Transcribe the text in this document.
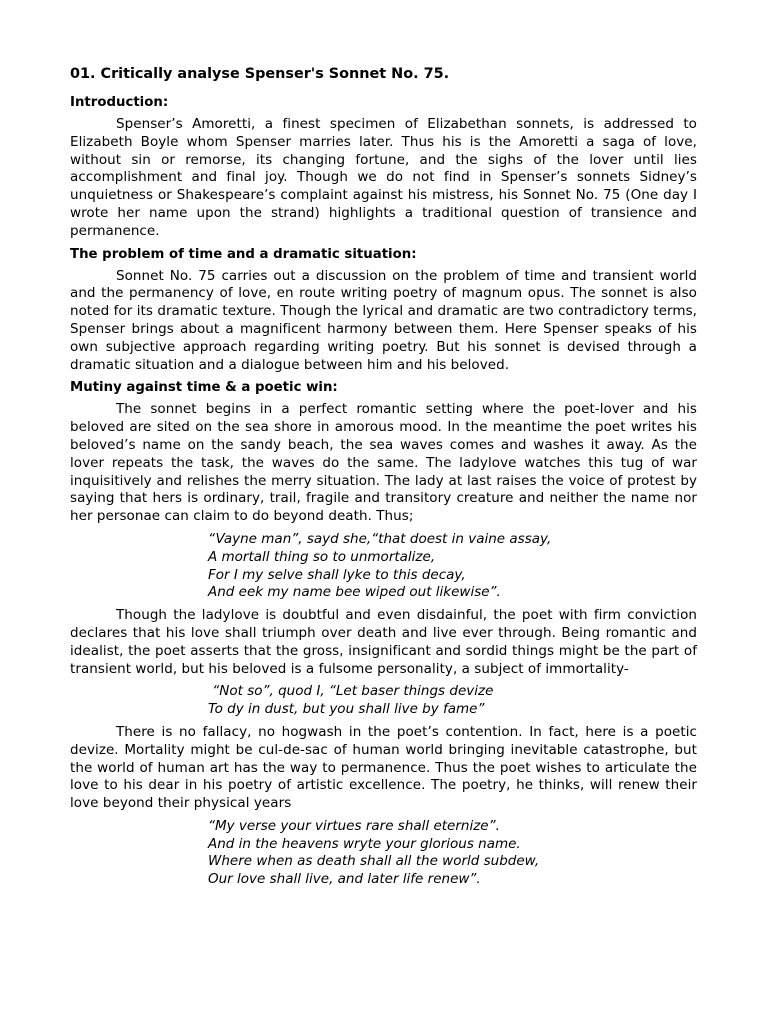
01. Critically analyse Spenser's Sonnet No. 75.
Introduction:

Spenser’s Amoretti, a finest specimen of Elizabethan sonnets, is addressed to Elizabeth Boyle whom Spenser marries later. Thus his is the Amoretti a saga of love, without sin or remorse, its changing fortune, and the sighs of the lover until lies accomplishment and final joy. Though we do not find in Spenser’s sonnets Sidney’s unquietness or Shakespeare’s complaint against his mistress, his Sonnet No. 75 (One day I wrote her name upon the strand) highlights a traditional question of transience and permanence.

The problem of time and a dramatic situation:

Sonnet No. 75 carries out a discussion on the problem of time and transient world and the permanency of love, en route writing poetry of magnum opus. The sonnet is also noted for its dramatic texture. Though the lyrical and dramatic are two contradictory terms, Spenser brings about a magnificent harmony between them. Here Spenser speaks of his own subjective approach regarding writing poetry. But his sonnet is devised through a dramatic situation and a dialogue between him and his beloved.

Mutiny against time & a poetic win:

The sonnet begins in a perfect romantic setting where the poet-lover and his beloved are sited on the sea shore in amorous mood. In the meantime the poet writes his beloved’s name on the sandy beach, the sea waves comes and washes it away. As the lover repeats the task, the waves do the same. The ladylove watches this tug of war inquisitively and relishes the merry situation. The lady at last raises the voice of protest by saying that hers is ordinary, trail, fragile and transitory creature and neither the name nor her personae can claim to do beyond death. Thus;

“Vayne man”, sayd she,“that doest in vaine assay,
A mortall thing so to unmortalize,
For I my selve shall lyke to this decay,
And eek my name bee wiped out likewise”.

Though the ladylove is doubtful and even disdainful, the poet with firm conviction declares that his love shall triumph over death and live ever through. Being romantic and idealist, the poet asserts that the gross, insignificant and sordid things might be the part of transient world, but his beloved is a fulsome personality, a subject of immortality-

“Not so”, quod I, “Let baser things devize
To dy in dust, but you shall live by fame”

There is no fallacy, no hogwash in the poet’s contention. In fact, here is a poetic devize. Mortality might be cul-de-sac of human world bringing inevitable catastrophe, but the world of human art has the way to permanence. Thus the poet wishes to articulate the love to his dear in his poetry of artistic excellence. The poetry, he thinks, will renew their love beyond their physical years

“My verse your virtues rare shall eternize”.
And in the heavens wryte your glorious name.
Where when as death shall all the world subdew,
Our love shall live, and later life renew”.
